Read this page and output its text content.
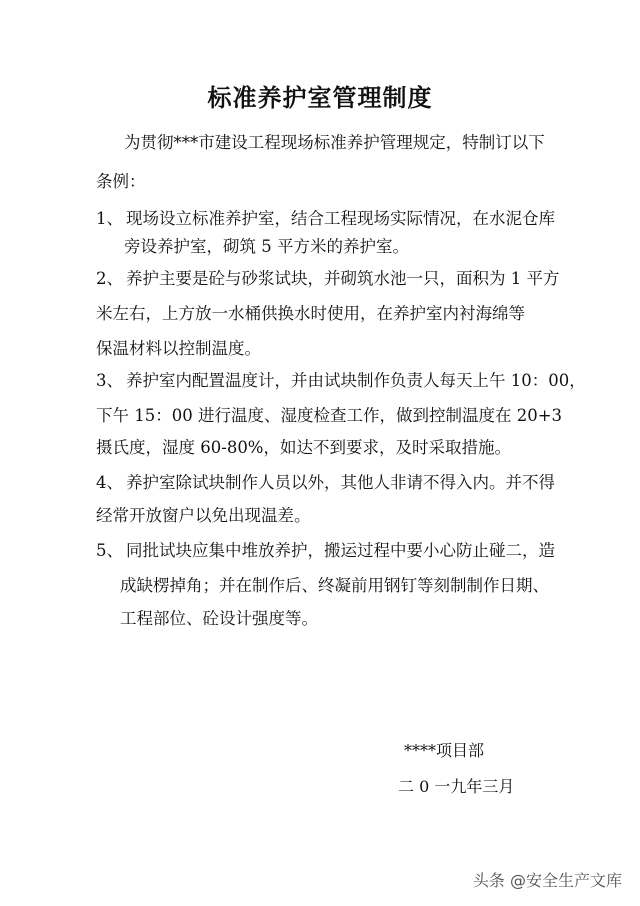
标准养护室管理制度
为贯彻***市建设工程现场标准养护管理规定，特制订以下
条例：
1、 现场设立标准养护室，结合工程现场实际情况，在水泥仓库
旁设养护室，砌筑 5 平方米的养护室。
2、 养护主要是砼与砂浆试块，并砌筑水池一只，面积为 1 平方
米左右，上方放一水桶供换水时使用，在养护室内衬海绵等
保温材料以控制温度。
3、 养护室内配置温度计，并由试块制作负责人每天上午 10：00，
下午 15：00 进行温度、湿度检查工作，做到控制温度在 20+3
摄氏度，湿度 60-80%，如达不到要求，及时采取措施。
4、 养护室除试块制作人员以外，其他人非请不得入内。并不得
经常开放窗户以免出现温差。
5、 同批试块应集中堆放养护，搬运过程中要小心防止碰二，造
成缺楞掉角；并在制作后、终凝前用钢钉等刻制制作日期、
工程部位、砼设计强度等。
****项目部
二 0 一九年三月
头条 @安全生产文库
